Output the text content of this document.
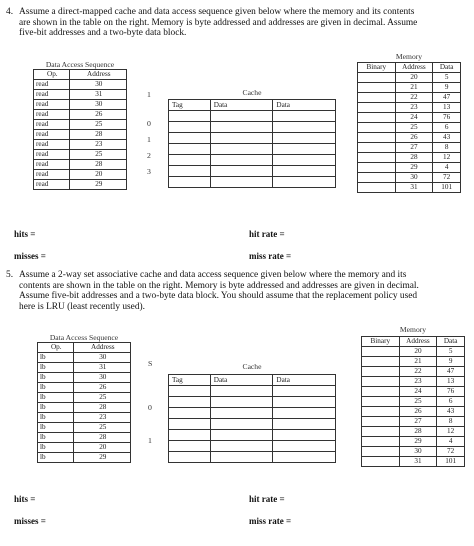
4. Assume a direct-mapped cache and data access sequence given below where the memory and its contents
are shown in the table on the right. Memory is byte addressed and addresses are given in decimal. Assume
five-bit addresses and a two-byte data block.
Data Access Sequence
Op.	Address
read	30
read	31
read	30
read	26
read	25
read	28
read	23
read	25
read	28
read	20
read	29
1
0
1
2
3
Cache
Tag	Data	Data

Memory
Binary	Address	Data
	20	5
	21	9
	22	47
	23	13
	24	76
	25	6
	26	43
	27	8
	28	12
	29	4
	30	72
	31	101
hits =	hit rate =
misses =	miss rate =
5. Assume a 2-way set associative cache and data access sequence given below where the memory and its
contents are shown in the table on the right. Memory is byte addressed and addresses are given in decimal.
Assume five-bit addresses and a two-byte data block. You should assume that the replacement policy used
here is LRU (least recently used).
Data Access Sequence
Op.	Address
lb	30
lb	31
lb	30
lb	26
lb	25
lb	28
lb	23
lb	25
lb	28
lb	20
lb	29
S
0
1
Cache
Tag	Data	Data

Memory
Binary	Address	Data
	20	5
	21	9
	22	47
	23	13
	24	76
	25	6
	26	43
	27	8
	28	12
	29	4
	30	72
	31	101
hits =	hit rate =
misses =	miss rate =
